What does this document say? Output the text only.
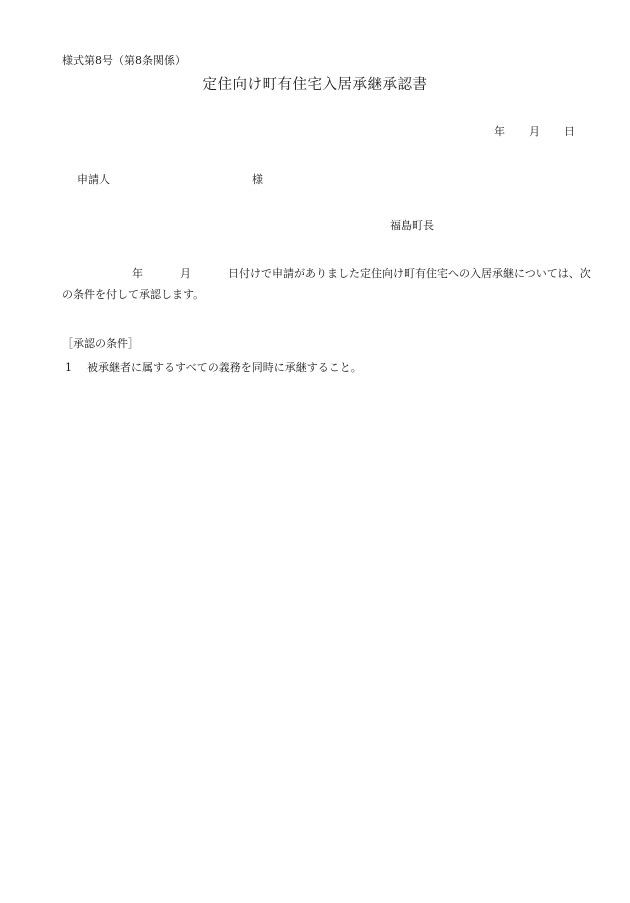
様式第8号（第8条関係）
定住向け町有住宅入居承継承認書
年 月 日
申請人	様
福島町長
年	月	日付けで申請がありました定住向け町有住宅への入居承継については、次の条件を付して承認します。
［承認の条件］
1 被承継者に属するすべての義務を同時に承継すること。
